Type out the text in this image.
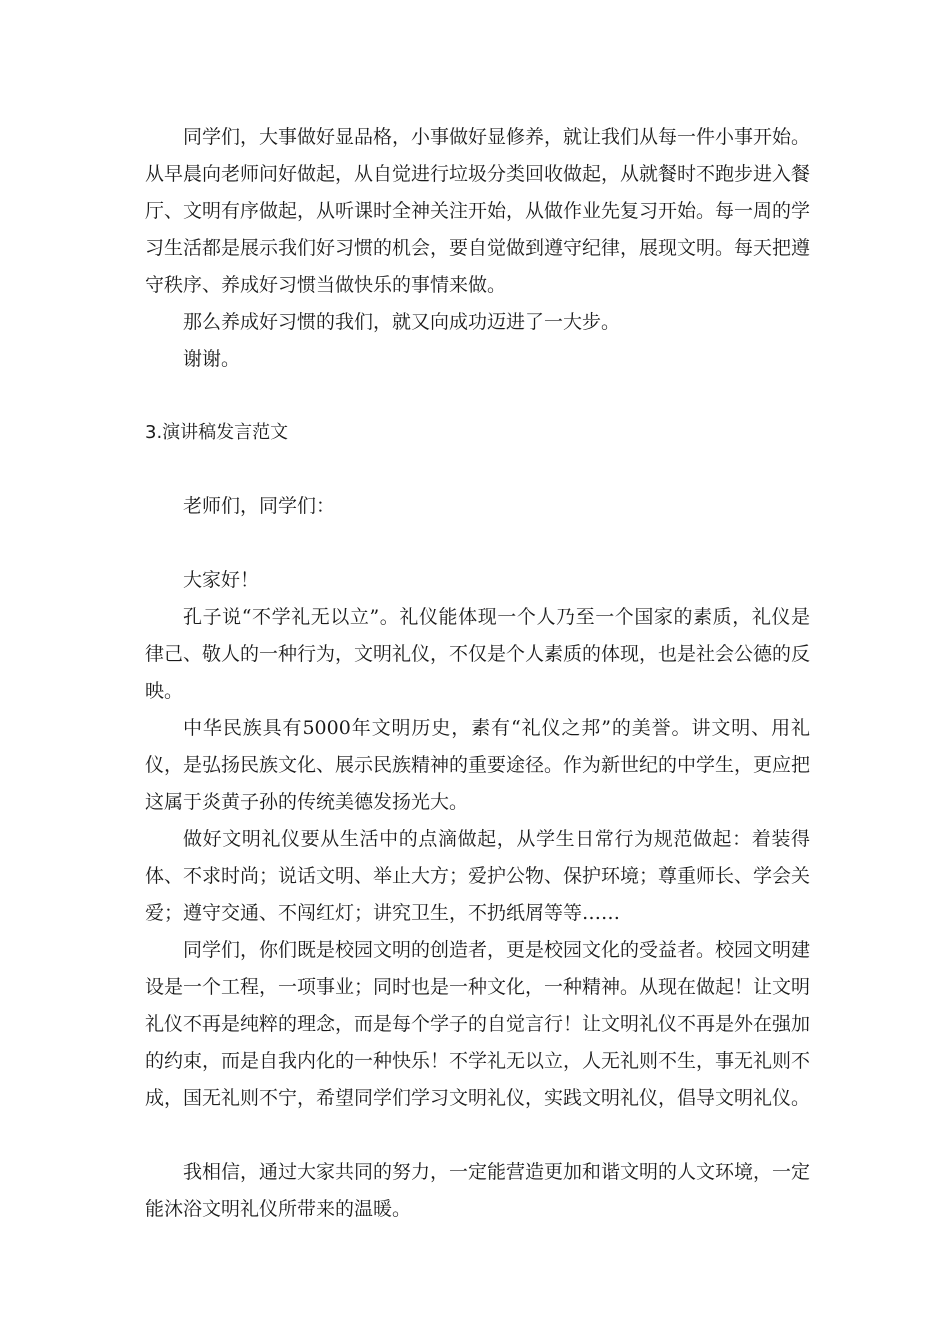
同学们，大事做好显品格，小事做好显修养，就让我们从每一件小事开始。从早晨向老师问好做起，从自觉进行垃圾分类回收做起，从就餐时不跑步进入餐厅、文明有序做起，从听课时全神关注开始，从做作业先复习开始。每一周的学习生活都是展示我们好习惯的机会，要自觉做到遵守纪律，展现文明。每天把遵守秩序、养成好习惯当做快乐的事情来做。

那么养成好习惯的我们，就又向成功迈进了一大步。

谢谢。

3.演讲稿发言范文

老师们，同学们：

大家好！

孔子说“不学礼无以立”。礼仪能体现一个人乃至一个国家的素质，礼仪是律己、敬人的一种行为，文明礼仪，不仅是个人素质的体现，也是社会公德的反映。

中华民族具有5000年文明历史，素有“礼仪之邦”的美誉。讲文明、用礼仪，是弘扬民族文化、展示民族精神的重要途径。作为新世纪的中学生，更应把这属于炎黄子孙的传统美德发扬光大。

做好文明礼仪要从生活中的点滴做起，从学生日常行为规范做起：着装得体、不求时尚；说话文明、举止大方；爱护公物、保护环境；尊重师长、学会关爱；遵守交通、不闯红灯；讲究卫生，不扔纸屑等等……

同学们，你们既是校园文明的创造者，更是校园文化的受益者。校园文明建设是一个工程，一项事业；同时也是一种文化，一种精神。从现在做起！让文明礼仪不再是纯粹的理念，而是每个学子的自觉言行！让文明礼仪不再是外在强加的约束，而是自我内化的一种快乐！不学礼无以立，人无礼则不生，事无礼则不成，国无礼则不宁，希望同学们学习文明礼仪，实践文明礼仪，倡导文明礼仪。

我相信，通过大家共同的努力，一定能营造更加和谐文明的人文环境，一定能沐浴文明礼仪所带来的温暖。
